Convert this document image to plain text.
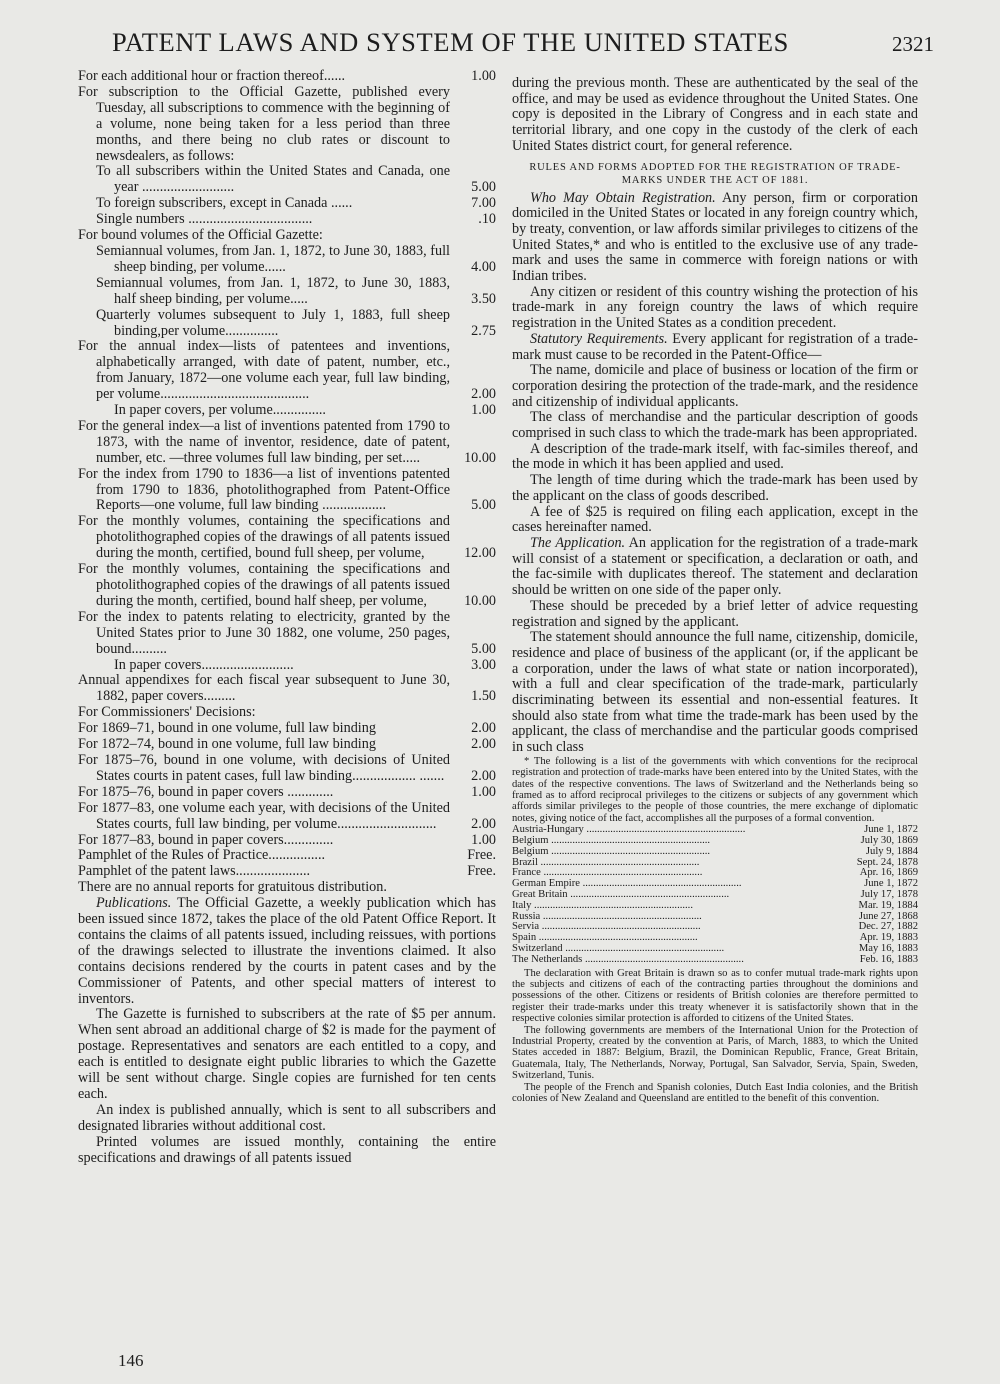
PATENT LAWS AND SYSTEM OF THE UNITED STATES	2321
For each additional hour or fraction thereof......	1.00
For subscription to the Official Gazette, published every Tuesday, all subscriptions to commence with the beginning of a volume, none being taken for a less period than three months, and there being no club rates or discount to newsdealers, as follows:
To all subscribers within the United States and Canada, one year ..........................	5.00
To foreign subscribers, except in Canada ......	7.00
Single numbers ...................................	.10
For bound volumes of the Official Gazette:
Semiannual volumes, from Jan. 1, 1872, to June 30, 1883, full sheep binding, per volume......	4.00
Semiannual volumes, from Jan. 1, 1872, to June 30, 1883, half sheep binding, per volume.....	3.50
Quarterly volumes subsequent to July 1, 1883, full sheep binding,per volume...............	2.75
For the annual index—lists of patentees and inventions, alphabetically arranged, with date of patent, number, etc., from January, 1872—one volume each year, full law binding, per volume..........................................	2.00
In paper covers, per volume...............	1.00
For the general index—a list of inventions patented from 1790 to 1873, with the name of inventor, residence, date of patent, number, etc. —three volumes full law binding, per set.....	10.00
For the index from 1790 to 1836—a list of inventions patented from 1790 to 1836, photolithographed from Patent-Office Reports—one volume, full law binding ..................	5.00
For the monthly volumes, containing the specifications and photolithographed copies of the drawings of all patents issued during the month, certified, bound full sheep, per volume,	12.00
For the monthly volumes, containing the specifications and photolithographed copies of the drawings of all patents issued during the month, certified, bound half sheep, per volume,	10.00
For the index to patents relating to electricity, granted by the United States prior to June 30 1882, one volume, 250 pages, bound..........	5.00
In paper covers..........................	3.00
Annual appendixes for each fiscal year subsequent to June 30, 1882, paper covers.........	1.50
For Commissioners' Decisions:
For 1869–71, bound in one volume, full law binding	2.00
For 1872–74, bound in one volume, full law binding	2.00
For 1875–76, bound in one volume, with decisions of United States courts in patent cases, full law binding.................. .......	2.00
For 1875–76, bound in paper covers .............	1.00
For 1877–83, one volume each year, with decisions of the United States courts, full law binding, per volume............................	2.00
For 1877–83, bound in paper covers..............	1.00
Pamphlet of the Rules of Practice................	Free.
Pamphlet of the patent laws.....................	Free.
There are no annual reports for gratuitous distribution.

Publications. The Official Gazette, a weekly publication which has been issued since 1872, takes the place of the old Patent Office Report. It contains the claims of all patents issued, including reissues, with portions of the drawings selected to illustrate the inventions claimed. It also contains decisions rendered by the courts in patent cases and by the Commissioner of Patents, and other special matters of interest to inventors.

The Gazette is furnished to subscribers at the rate of $5 per annum. When sent abroad an additional charge of $2 is made for the payment of postage. Representatives and senators are each entitled to a copy, and each is entitled to designate eight public libraries to which the Gazette will be sent without charge. Single copies are furnished for ten cents each.

An index is published annually, which is sent to all subscribers and designated libraries without additional cost.

Printed volumes are issued monthly, containing the entire specifications and drawings of all patents issued

146

during the previous month. These are authenticated by the seal of the office, and may be used as evidence throughout the United States. One copy is deposited in the Library of Congress and in each state and territorial library, and one copy in the custody of the clerk of each United States district court, for general reference.

RULES AND FORMS ADOPTED FOR THE REGISTRATION OF TRADE-MARKS UNDER THE ACT OF 1881.

Who May Obtain Registration. Any person, firm or corporation domiciled in the United States or located in any foreign country which, by treaty, convention, or law affords similar privileges to citizens of the United States,* and who is entitled to the exclusive use of any trade-mark and uses the same in commerce with foreign nations or with Indian tribes.

Any citizen or resident of this country wishing the protection of his trade-mark in any foreign country the laws of which require registration in the United States as a condition precedent.

Statutory Requirements. Every applicant for registration of a trade-mark must cause to be recorded in the Patent-Office—

The name, domicile and place of business or location of the firm or corporation desiring the protection of the trade-mark, and the residence and citizenship of individual applicants.

The class of merchandise and the particular description of goods comprised in such class to which the trade-mark has been appropriated.

A description of the trade-mark itself, with fac-similes thereof, and the mode in which it has been applied and used.

The length of time during which the trade-mark has been used by the applicant on the class of goods described.

A fee of $25 is required on filing each application, except in the cases hereinafter named.

The Application. An application for the registration of a trade-mark will consist of a statement or specification, a declaration or oath, and the fac-simile with duplicates thereof. The statement and declaration should be written on one side of the paper only.

These should be preceded by a brief letter of advice requesting registration and signed by the applicant.

The statement should announce the full name, citizenship, domicile, residence and place of business of the applicant (or, if the applicant be a corporation, under the laws of what state or nation incorporated), with a full and clear specification of the trade-mark, particularly discriminating between its essential and non-essential features. It should also state from what time the trade-mark has been used by the applicant, the class of merchandise and the particular goods comprised in such class

* The following is a list of the governments with which conventions for the reciprocal registration and protection of trade-marks have been entered into by the United States, with the dates of the respective conventions. The laws of Switzerland and the Netherlands being so framed as to afford reciprocal privileges to the citizens or subjects of any government which affords similar privileges to the people of those countries, the mere exchange of diplomatic notes, giving notice of the fact, accomplishes all the purposes of a formal convention.

Austria-Hungary ............................................................	June 1, 1872
Belgium ............................................................	July 30, 1869
Belgium ............................................................	July 9, 1884
Brazil ............................................................	Sept. 24, 1878
France ............................................................	Apr. 16, 1869
German Empire ............................................................	June 1, 1872
Great Britain ............................................................	July 17, 1878
Italy ............................................................	Mar. 19, 1884
Russia ............................................................	June 27, 1868
Servia ............................................................	Dec. 27, 1882
Spain ............................................................	Apr. 19, 1883
Switzerland ............................................................	May 16, 1883
The Netherlands ............................................................	Feb. 16, 1883

The declaration with Great Britain is drawn so as to confer mutual trade-mark rights upon the subjects and citizens of each of the contracting parties throughout the dominions and possessions of the other. Citizens or residents of British colonies are therefore permitted to register their trade-marks under this treaty whenever it is satisfactorily shown that in the respective colonies similar protection is afforded to citizens of the United States.

The following governments are members of the International Union for the Protection of Industrial Property, created by the convention at Paris, of March, 1883, to which the United States acceded in 1887: Belgium, Brazil, the Dominican Republic, France, Great Britain, Guatemala, Italy, The Netherlands, Norway, Portugal, San Salvador, Servia, Spain, Sweden, Switzerland, Tunis.

The people of the French and Spanish colonies, Dutch East India colonies, and the British colonies of New Zealand and Queensland are entitled to the benefit of this convention.
